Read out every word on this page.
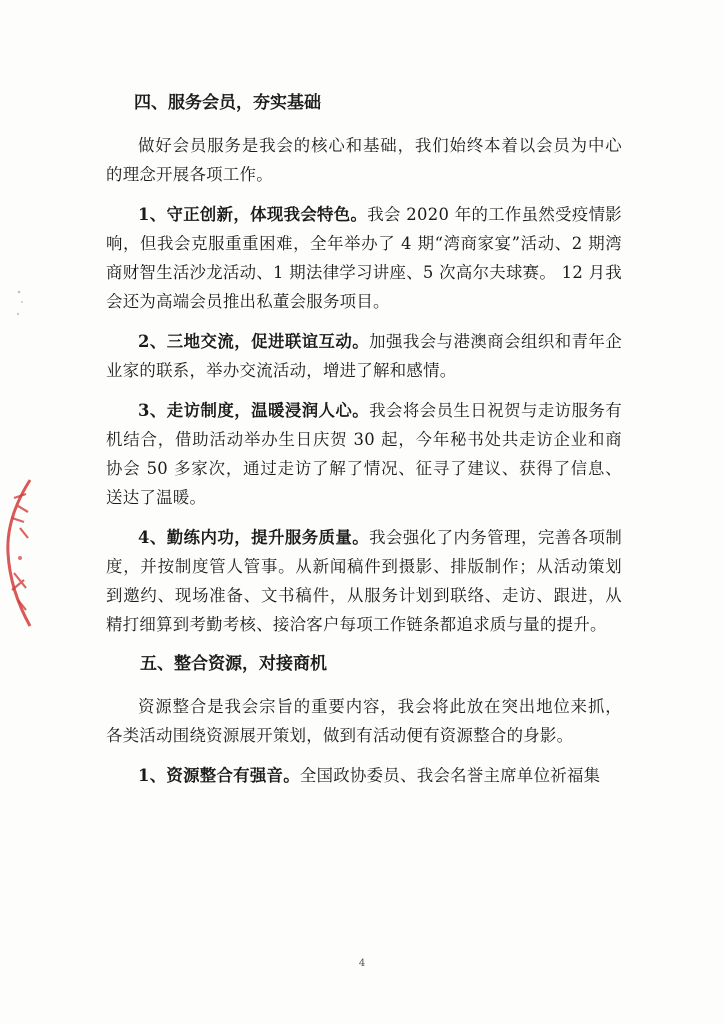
四、服务会员，夯实基础

做好会员服务是我会的核心和基础，我们始终本着以会员为中心的理念开展各项工作。

1、守正创新，体现我会特色。我会 2020 年的工作虽然受疫情影响，但我会克服重重困难，全年举办了 4 期“湾商家宴”活动、2 期湾商财智生活沙龙活动、1 期法律学习讲座、5 次高尔夫球赛。 12 月我会还为高端会员推出私董会服务项目。

2、三地交流，促进联谊互动。加强我会与港澳商会组织和青年企业家的联系，举办交流活动，增进了解和感情。

3、走访制度，温暖浸润人心。我会将会员生日祝贺与走访服务有机结合，借助活动举办生日庆贺 30 起，今年秘书处共走访企业和商协会 50 多家次，通过走访了解了情况、征寻了建议、获得了信息、送达了温暖。

4、勤练内功，提升服务质量。我会强化了内务管理，完善各项制度，并按制度管人管事。从新闻稿件到摄影、排版制作；从活动策划到邀约、现场准备、文书稿件，从服务计划到联络、走访、跟进，从精打细算到考勤考核、接洽客户每项工作链条都追求质与量的提升。

五、整合资源，对接商机

资源整合是我会宗旨的重要内容，我会将此放在突出地位来抓，各类活动围绕资源展开策划，做到有活动便有资源整合的身影。

1、资源整合有强音。全国政协委员、我会名誉主席单位祈福集

4
